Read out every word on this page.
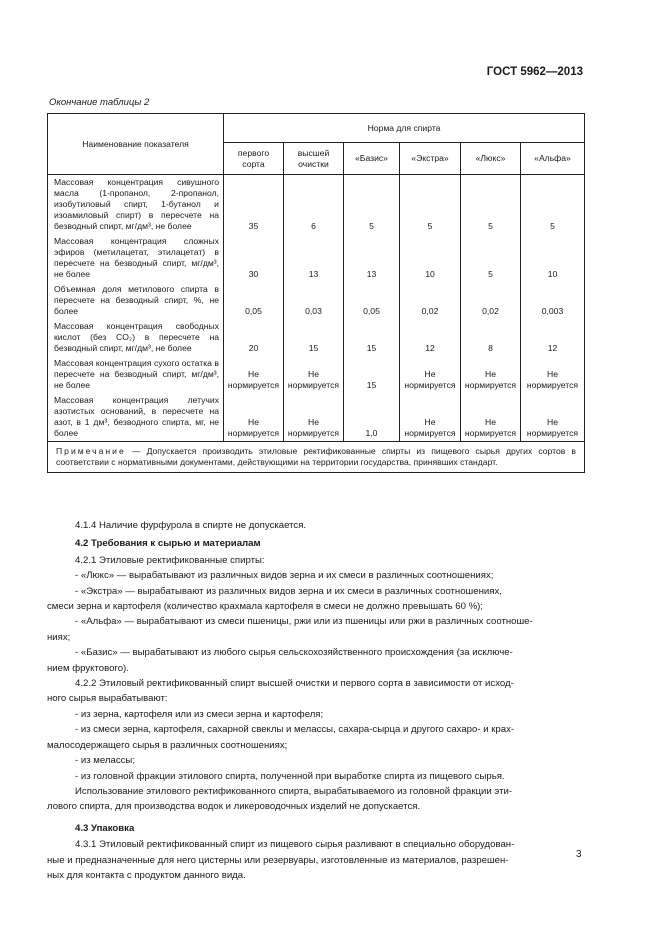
ГОСТ 5962—2013
Окончание таблицы 2
Наименование показателя	Норма для спирта					
	первого сорта	высшей очистки	«Базис»	«Экстра»	«Люкс»	«Альфа»
Массовая концентрация сивушного масла (1-пропанол, 2-пропанол, изобутиловый спирт, 1-бутанол и изоамиловый спирт) в пересчете на безводный спирт, мг/дм³, не более	35	6	5	5	5	5
Массовая концентрация сложных эфиров (метилацетат, этилацетат) в пересчете на безводный спирт, мг/дм³, не более	30	13	13	10	5	10
Объемная доля метилового спирта в пересчете на безводный спирт, %, не более	0,05	0,03	0,05	0,02	0,02	0,003
Массовая концентрация свободных кислот (без CO₂) в пересчете на безводный спирт, мг/дм³, не более	20	15	15	12	8	12
Массовая концентрация сухого остатка в пересчете на безводный спирт, мг/дм³, не более	Не нормируется	Не нормируется	15	Не нормируется	Не нормируется	Не нормируется
Массовая концентрация летучих азотистых оснований, в пересчете на азот, в 1 дм³, безводного спирта, мг, не более	Не нормируется	Не нормируется	1,0	Не нормируется	Не нормируется	Не нормируется
Примечание — Допускается производить этиловые ректификованные спирты из пищевого сырья других сортов в соответствии с нормативными документами, действующими на территории государства, принявших стандарт.						

4.1.4 Наличие фурфурола в спирте не допускается.

4.2 Требования к сырью и материалам

4.2.1 Этиловые ректификованные спирты:

- «Люкс» — вырабатывают из различных видов зерна и их смеси в различных соотношениях;

- «Экстра» — вырабатывают из различных видов зерна и их смеси в различных соотношениях,

смеси зерна и картофеля (количество крахмала картофеля в смеси не должно превышать 60 %);

- «Альфа» — вырабатывают из смеси пшеницы, ржи или из пшеницы или ржи в различных соотноше-

ниях;

- «Базис» — вырабатывают из любого сырья сельскохозяйственного происхождения (за исключе-

нием фруктового).

4.2.2 Этиловый ректификованный спирт высшей очистки и первого сорта в зависимости от исход-

ного сырья вырабатывают:

- из зерна, картофеля или из смеси зерна и картофеля;

- из смеси зерна, картофеля, сахарной свеклы и мелассы, сахара-сырца и другого сахаро- и крах-

малосодержащего сырья в различных соотношениях;

- из мелассы;

- из головной фракции этилового спирта, полученной при выработке спирта из пищевого сырья.

Использование этилового ректификованного спирта, вырабатываемого из головной фракции эти-

лового спирта, для производства водок и ликероводочных изделий не допускается.

4.3 Упаковка

4.3.1 Этиловый ректификованный спирт из пищевого сырья разливают в специально оборудован-

ные и предназначенные для него цистерны или резервуары, изготовленные из материалов, разрешен-

ных для контакта с продуктом данного вида.

3
